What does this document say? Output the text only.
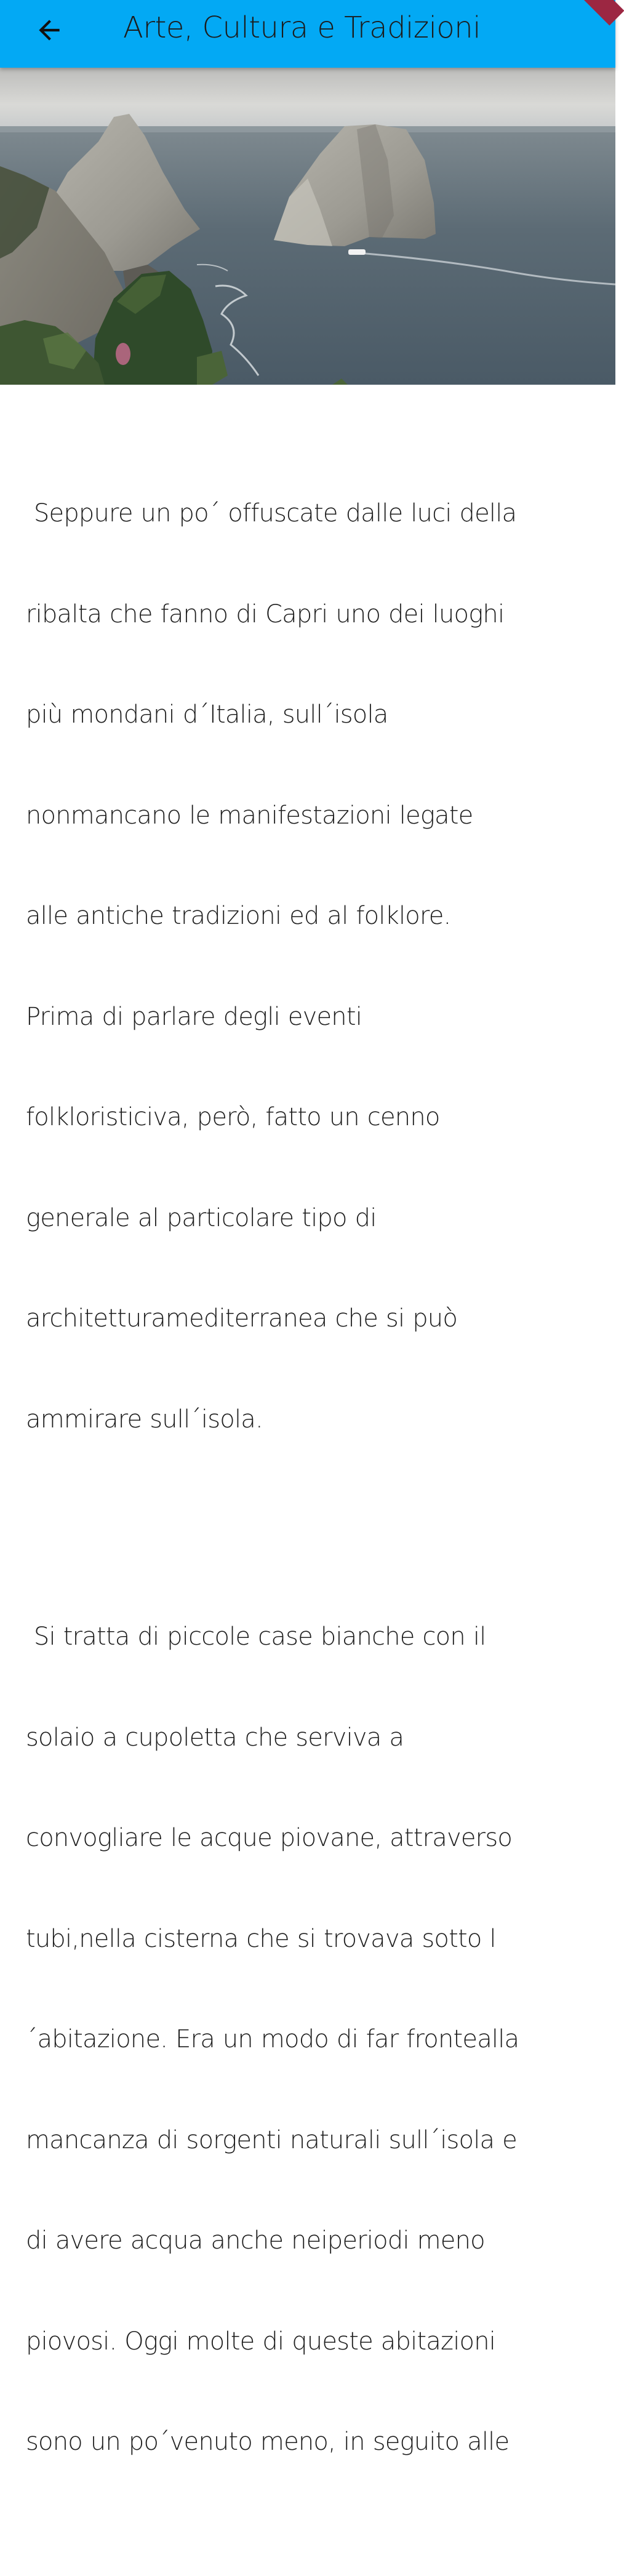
Arte, Cultura e Tradizioni

Seppure un po´ offuscate dalle luci della

ribalta che fanno di Capri uno dei luoghi

più mondani d´Italia, sull´isola

nonmancano le manifestazioni legate

alle antiche tradizioni ed al folklore.

Prima di parlare degli eventi

folkloristiciva, però, fatto un cenno

generale al particolare tipo di

architetturamediterranea che si può

ammirare sull´isola.

Si tratta di piccole case bianche con il

solaio a cupoletta che serviva a

convogliare le acque piovane, attraverso

tubi,nella cisterna che si trovava sotto l

´abitazione. Era un modo di far frontealla

mancanza di sorgenti naturali sull´isola e

di avere acqua anche neiperiodi meno

piovosi. Oggi molte di queste abitazioni

sono un po´venuto meno, in seguito alle
